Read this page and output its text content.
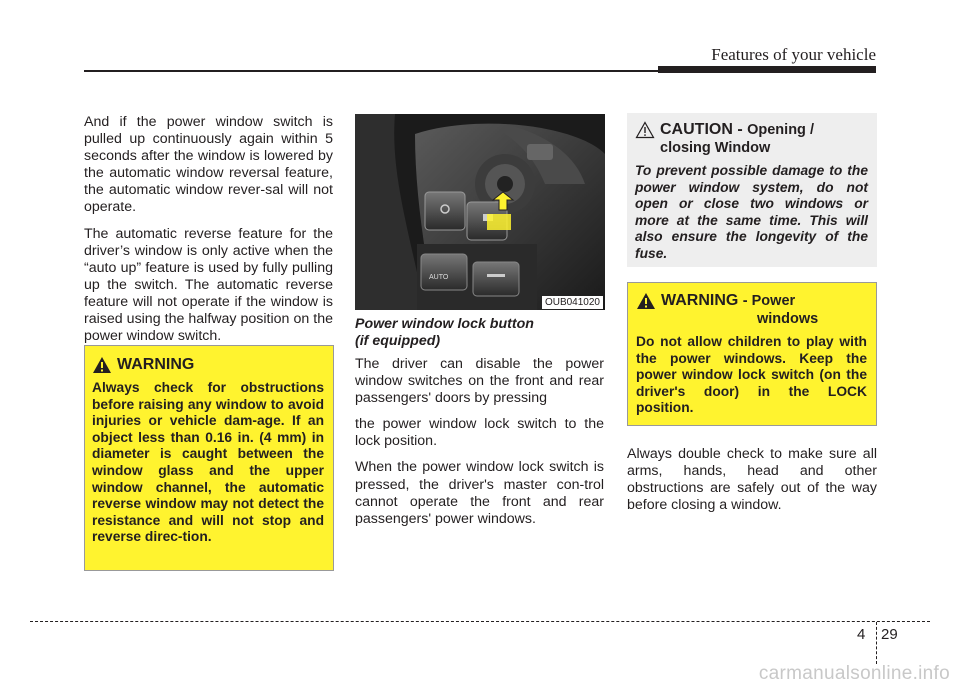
Features of your vehicle

And if the power window switch is pulled up continuously again within 5 seconds after the window is lowered by the automatic window reversal feature, the automatic window rever-sal will not operate.

The automatic reverse feature for the driver’s window is only active when the “auto up” feature is used by fully pulling up the switch. The automatic reverse feature will not operate if the window is raised using the halfway position on the power window switch.

WARNING

Always check for obstructions before raising any window to avoid injuries or vehicle dam-age. If an object less than 0.16 in. (4 mm) in diameter is caught between the window glass and the upper window channel, the automatic reverse window may not detect the resistance and will not stop and reverse direc-tion.

AUTO
OUB041020
Power window lock button
(if equipped)

The driver can disable the power window switches on the front and rear passengers' doors by pressing

the power window lock switch to the lock position.

When the power window lock switch is pressed, the driver's master con-trol cannot operate the front and rear passengers' power windows.

CAUTION - Opening /
closing Window

To prevent possible damage to the power window system, do not open or close two windows or more at the same time. This will also ensure the longevity of the fuse.

WARNING - Power
windows

Do not allow children to play with the power windows. Keep the power window lock switch (on the driver's door) in the LOCK position.

Always double check to make sure all arms, hands, head and other obstructions are safely out of the way before closing a window.

4 29
carmanualsonline.info
